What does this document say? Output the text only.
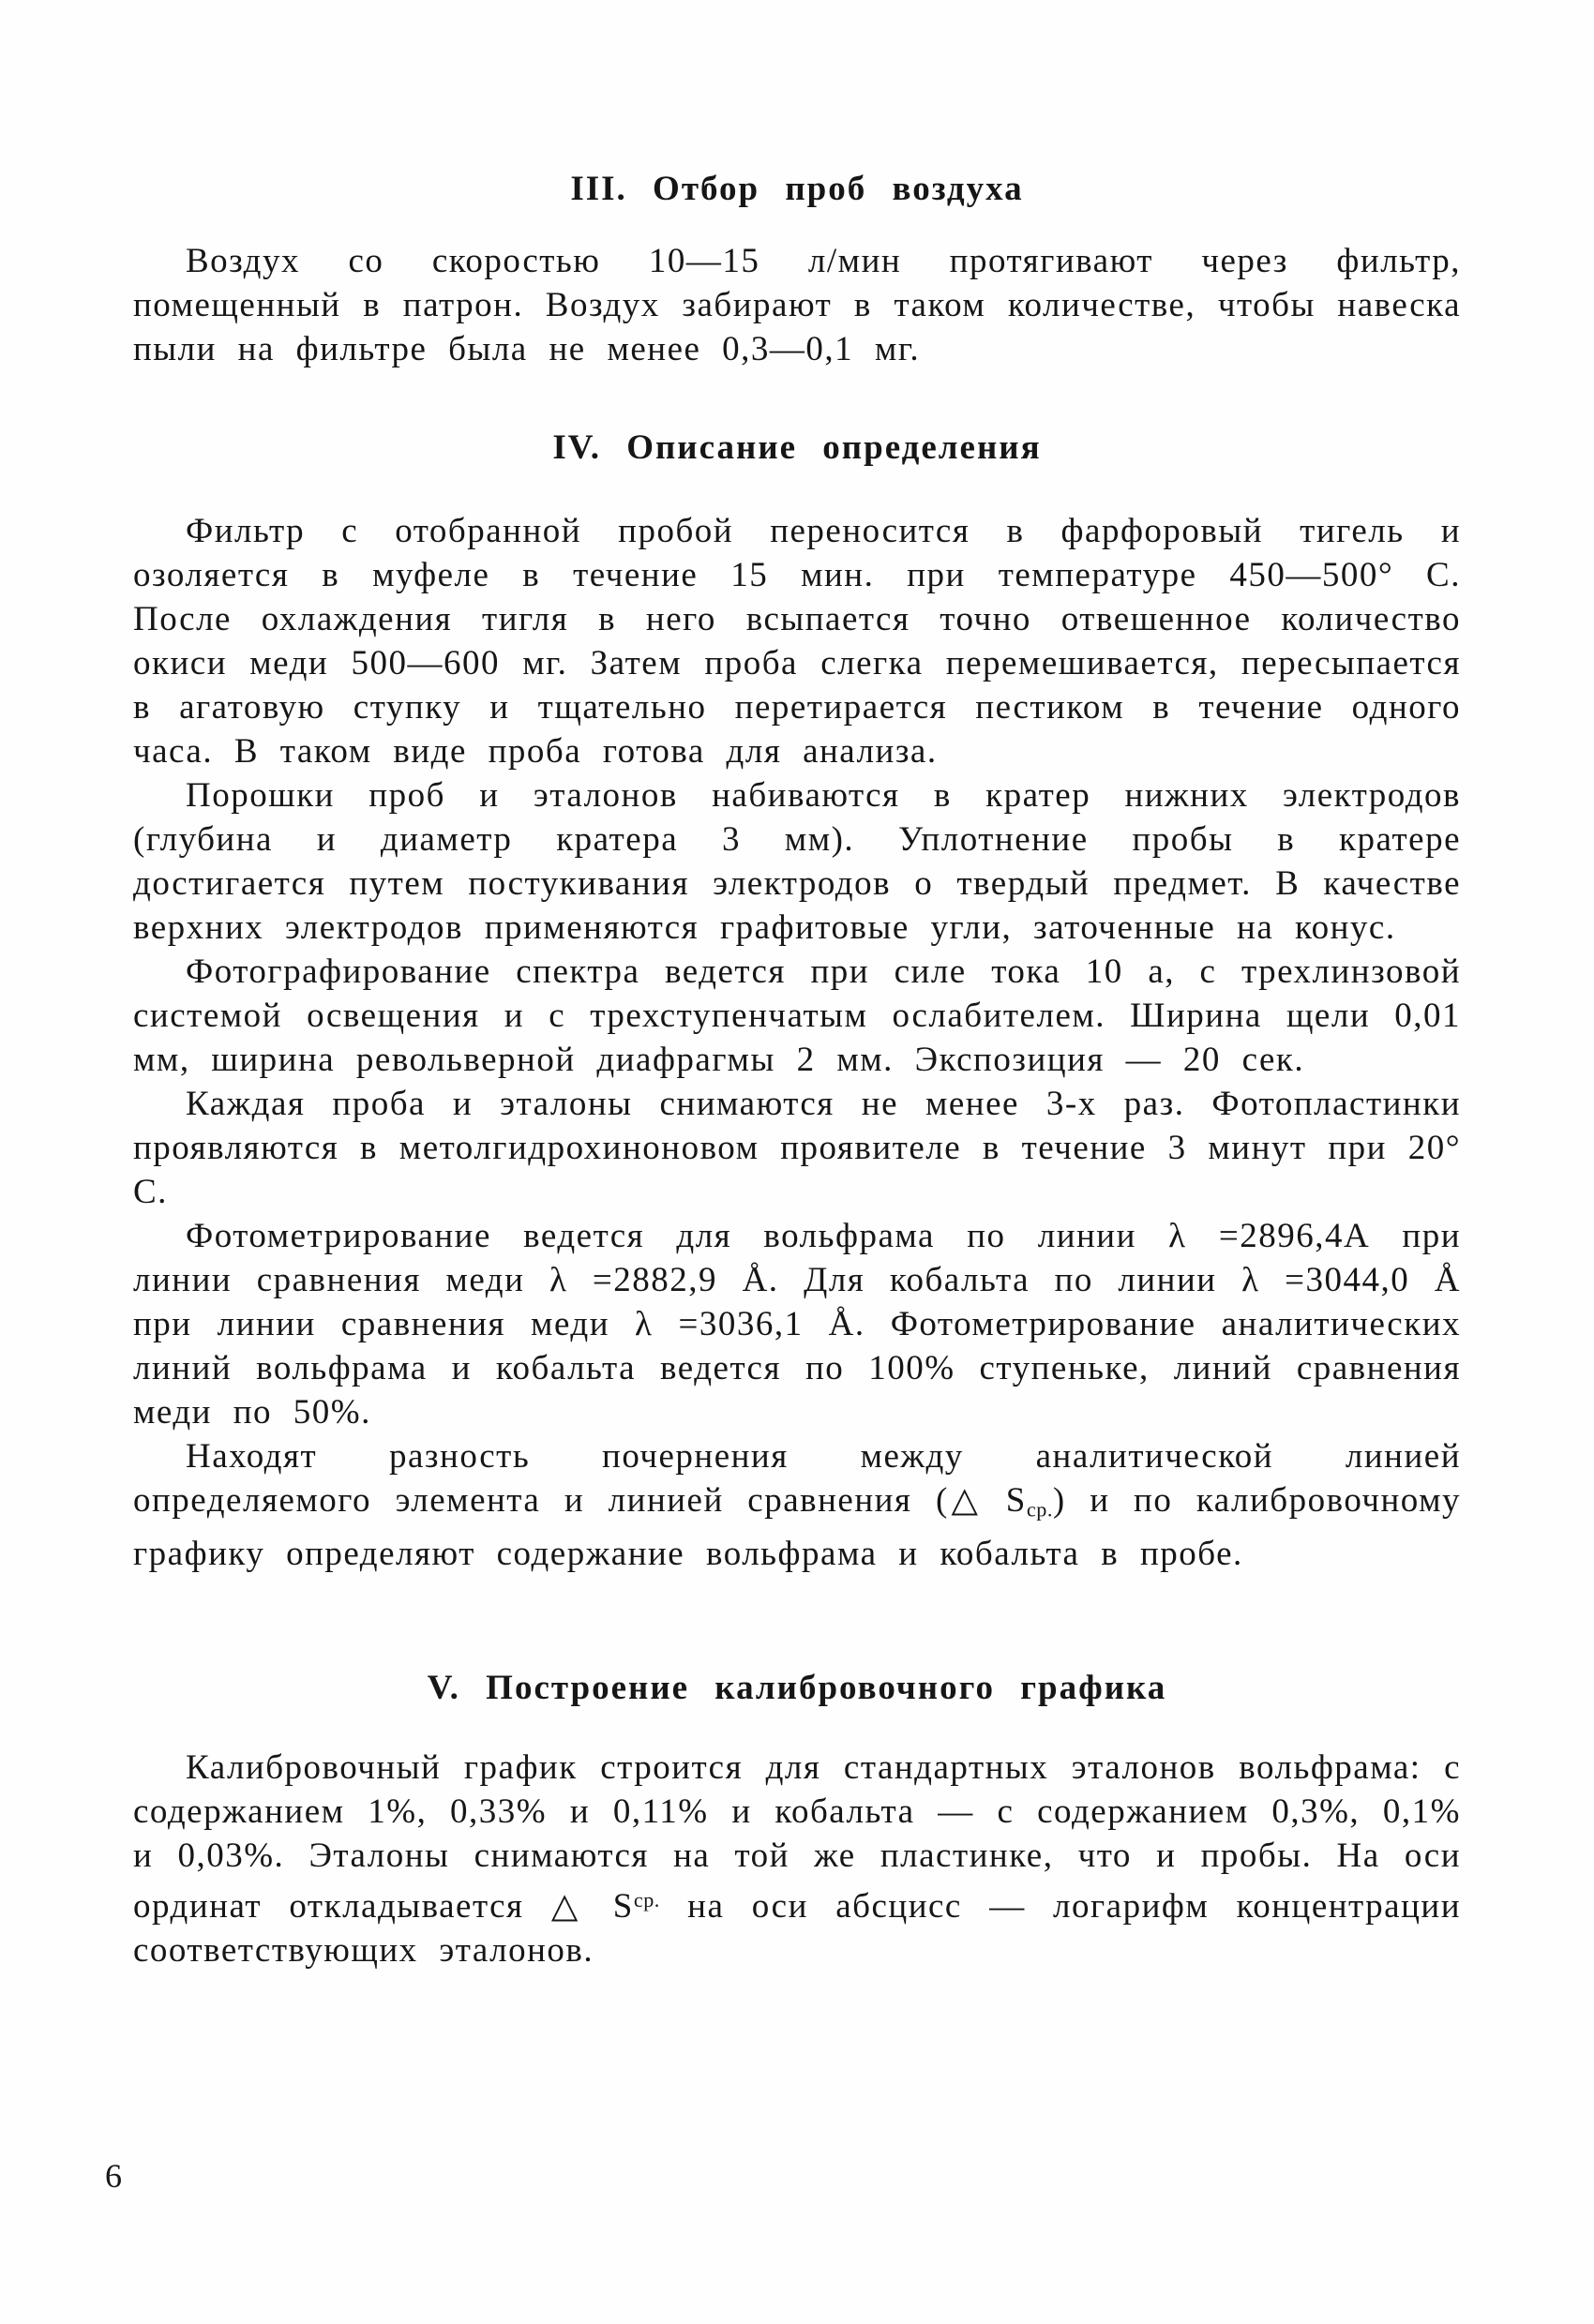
III. Отбор проб воздуха

Воздух со скоростью 10—15 л/мин протягивают через фильтр, помещенный в патрон. Воздух забирают в таком количестве, чтобы навеска пыли на фильтре была не менее 0,3—0,1 мг.

IV. Описание определения

Фильтр с отобранной пробой переносится в фарфоровый тигель и озоляется в муфеле в течение 15 мин. при температуре 450—500° С. После охлаждения тигля в него всыпается точно отвешенное количество окиси меди 500—600 мг. Затем проба слегка перемешивается, пересыпается в агатовую ступку и тщательно перетирается пестиком в течение одного часа. В таком виде проба готова для анализа.

Порошки проб и эталонов набиваются в кратер нижних электродов (глубина и диаметр кратера 3 мм). Уплотнение пробы в кратере достигается путем постукивания электродов о твердый предмет. В качестве верхних электродов применяются графитовые угли, заточенные на конус.

Фотографирование спектра ведется при силе тока 10 а, с трехлинзовой системой освещения и с трехступенчатым ослабителем. Ширина щели 0,01 мм, ширина револьверной диафрагмы 2 мм. Экспозиция — 20 сек.

Каждая проба и эталоны снимаются не менее 3-х раз. Фотопластинки проявляются в метолгидрохиноновом проявителе в течение 3 минут при 20° С.

Фотометрирование ведется для вольфрама по линии λ =2896,4А при линии сравнения меди λ =2882,9 Å. Для кобальта по линии λ =3044,0 Å при линии сравнения меди λ =3036,1 Å. Фотометрирование аналитических линий вольфрама и кобальта ведется по 100% ступеньке, линий сравнения меди по 50%.

Находят разность почернения между аналитической линией определяемого элемента и линией сравнения (△ $S_{ср.}$) и по калибровочному графику определяют содержание вольфрама и кобальта в пробе.

V. Построение калибровочного графика

Калибровочный график строится для стандартных эталонов вольфрама: с содержанием 1%, 0,33% и 0,11% и кобальта — с содержанием 0,3%, 0,1% и 0,03%. Эталоны снимаются на той же пластинке, что и пробы. На оси ординат откладывается △ $S^{ср.}$ на оси абсцисс — логарифм концентрации соответствующих эталонов.

6
